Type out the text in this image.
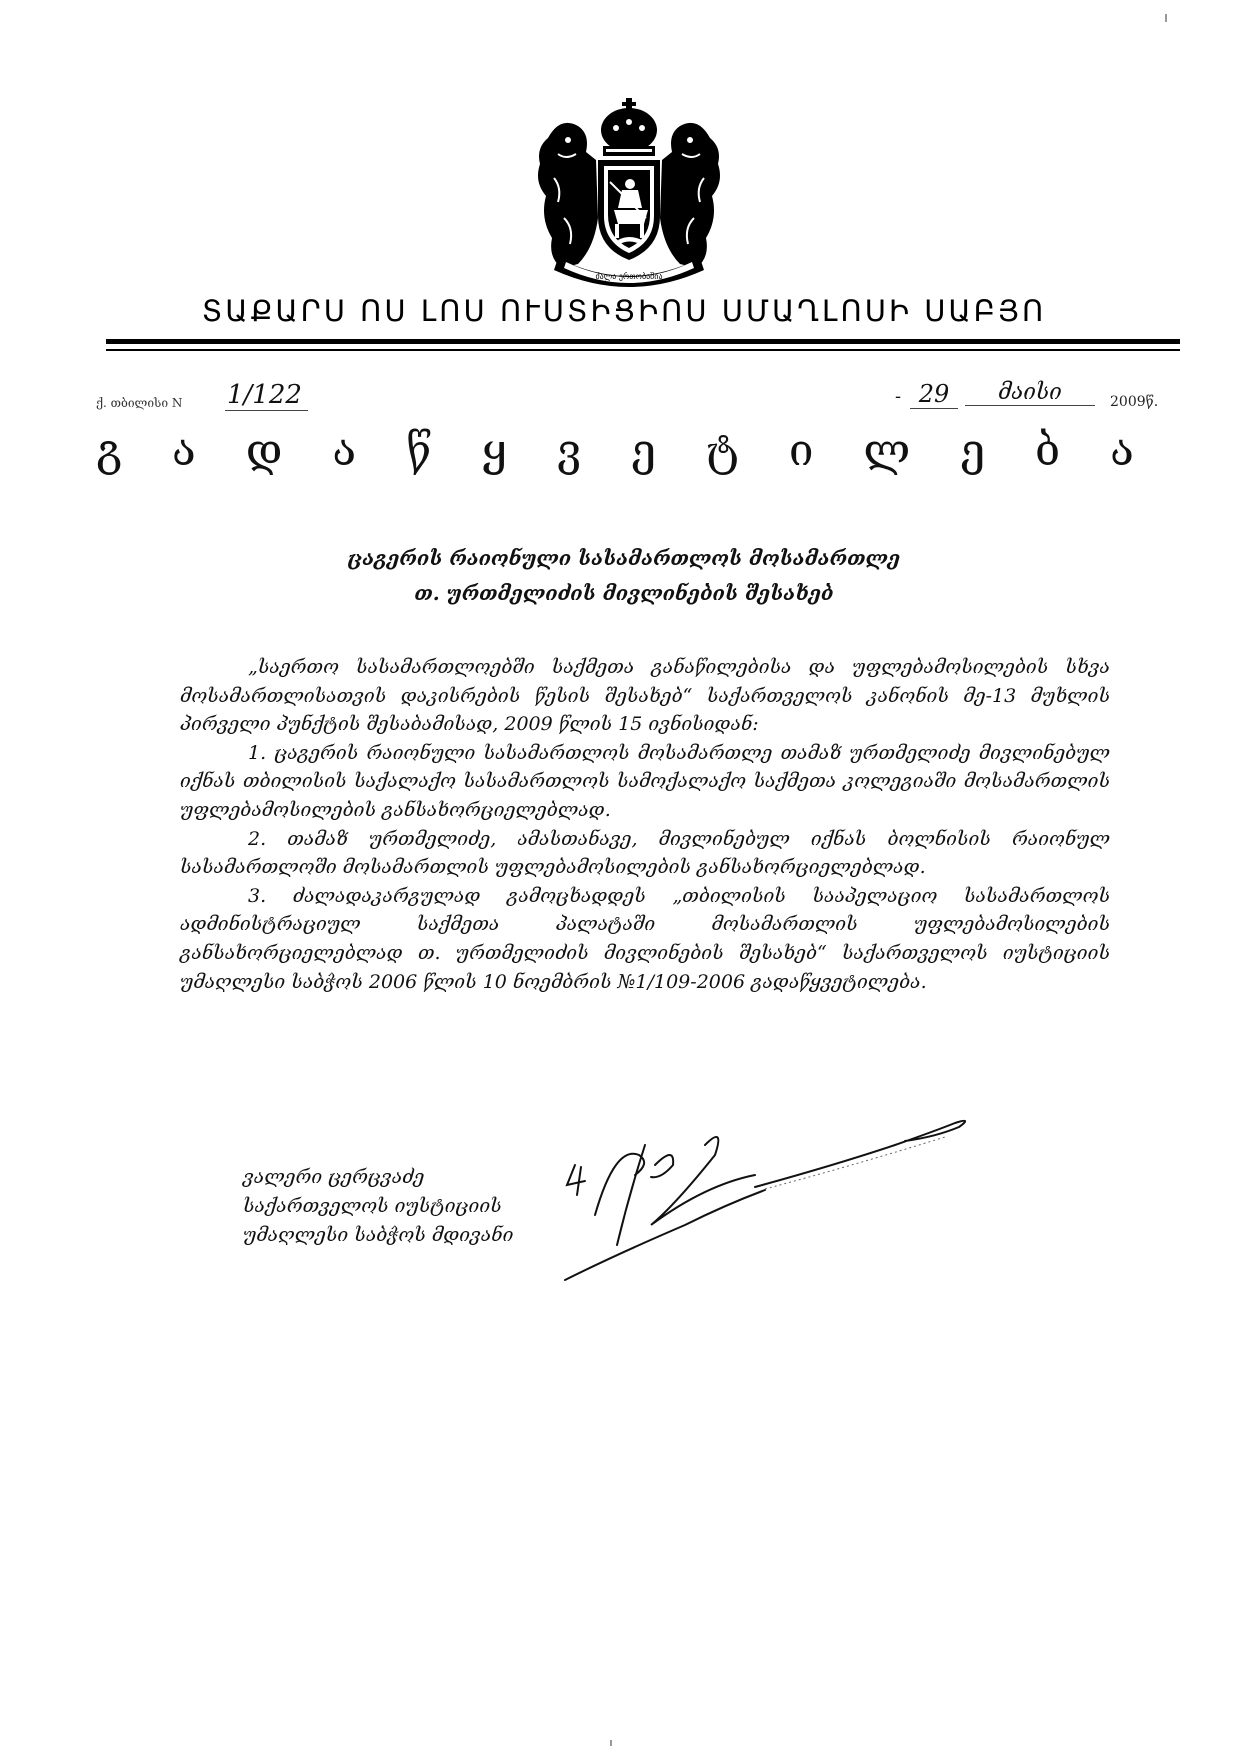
ძალა ერთობაშია
ՏԱՔԱՐՍ ՈՍ ԼՈՍ ՈՒՍՏԻՑԻՈՍ ՍՄԱՂԼՈՍԻ ՍԱԲՅՈ
ქ. თბილისი N 1/122	- 29	მაისი	2009წ.
გ ა დ ა წ ყ ვ ე ტ ი ლ ე ბ ა
ცაგერის რაიონული სასამართლოს მოსამართლე
თ. ურთმელიძის მივლინების შესახებ

„საერთო სასამართლოებში საქმეთა განაწილებისა და უფლებამოსილების სხვა მოსამართლისათვის დაკისრების წესის შესახებ“ საქართველოს კანონის მე-13 მუხლის პირველი პუნქტის შესაბამისად, 2009 წლის 15 ივნისიდან:

1. ცაგერის რაიონული სასამართლოს მოსამართლე თამაზ ურთმელიძე მივლინებულ იქნას თბილისის საქალაქო სასამართლოს სამოქალაქო საქმეთა კოლეგიაში მოსამართლის უფლებამოსილების განსახორციელებლად.

2. თამაზ ურთმელიძე, ამასთანავე, მივლინებულ იქნას ბოლნისის რაიონულ სასამართლოში მოსამართლის უფლებამოსილების განსახორციელებლად.

3. ძალადაკარგულად გამოცხადდეს „თბილისის სააპელაციო სასამართლოს ადმინისტრაციულ საქმეთა პალატაში მოსამართლის უფლებამოსილების განსახორციელებლად თ. ურთმელიძის მივლინების შესახებ“ საქართველოს იუსტიციის უმაღლესი საბჭოს 2006 წლის 10 ნოემბრის №1/109-2006 გადაწყვეტილება.

ვალერი ცერცვაძე
საქართველოს იუსტიციის
უმაღლესი საბჭოს მდივანი
